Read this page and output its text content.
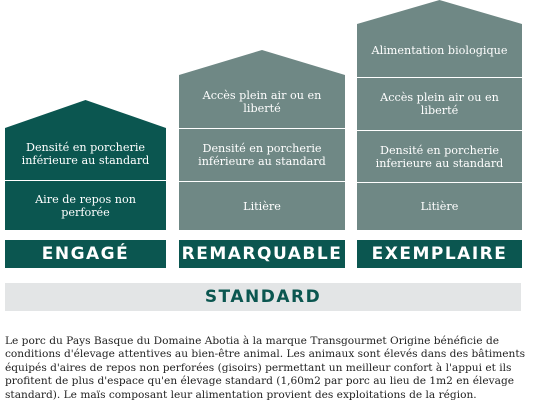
Densité en porcherie inférieure au standard
Aire de repos non perforée
Accès plein air ou en liberté
Densité en porcherie inférieure au standard
Litière
Alimentation biologique
Accès plein air ou en liberté
Densité en porcherie inferieure au standard
Litière
ENGAGÉ	REMARQUABLE	EXEMPLAIRE
STANDARD

Le porc du Pays Basque du Domaine Abotia à la marque Transgourmet Origine bénéficie de conditions d'élevage attentives au bien-être animal. Les animaux sont élevés dans des bâtiments équipés d'aires de repos non perforées (gisoirs) permettant un meilleur confort à l'appui et ils profitent de plus d'espace qu'en élevage standard (1,60m2 par porc au lieu de 1m2 en élevage standard). Le maïs composant leur alimentation provient des exploitations de la région.
